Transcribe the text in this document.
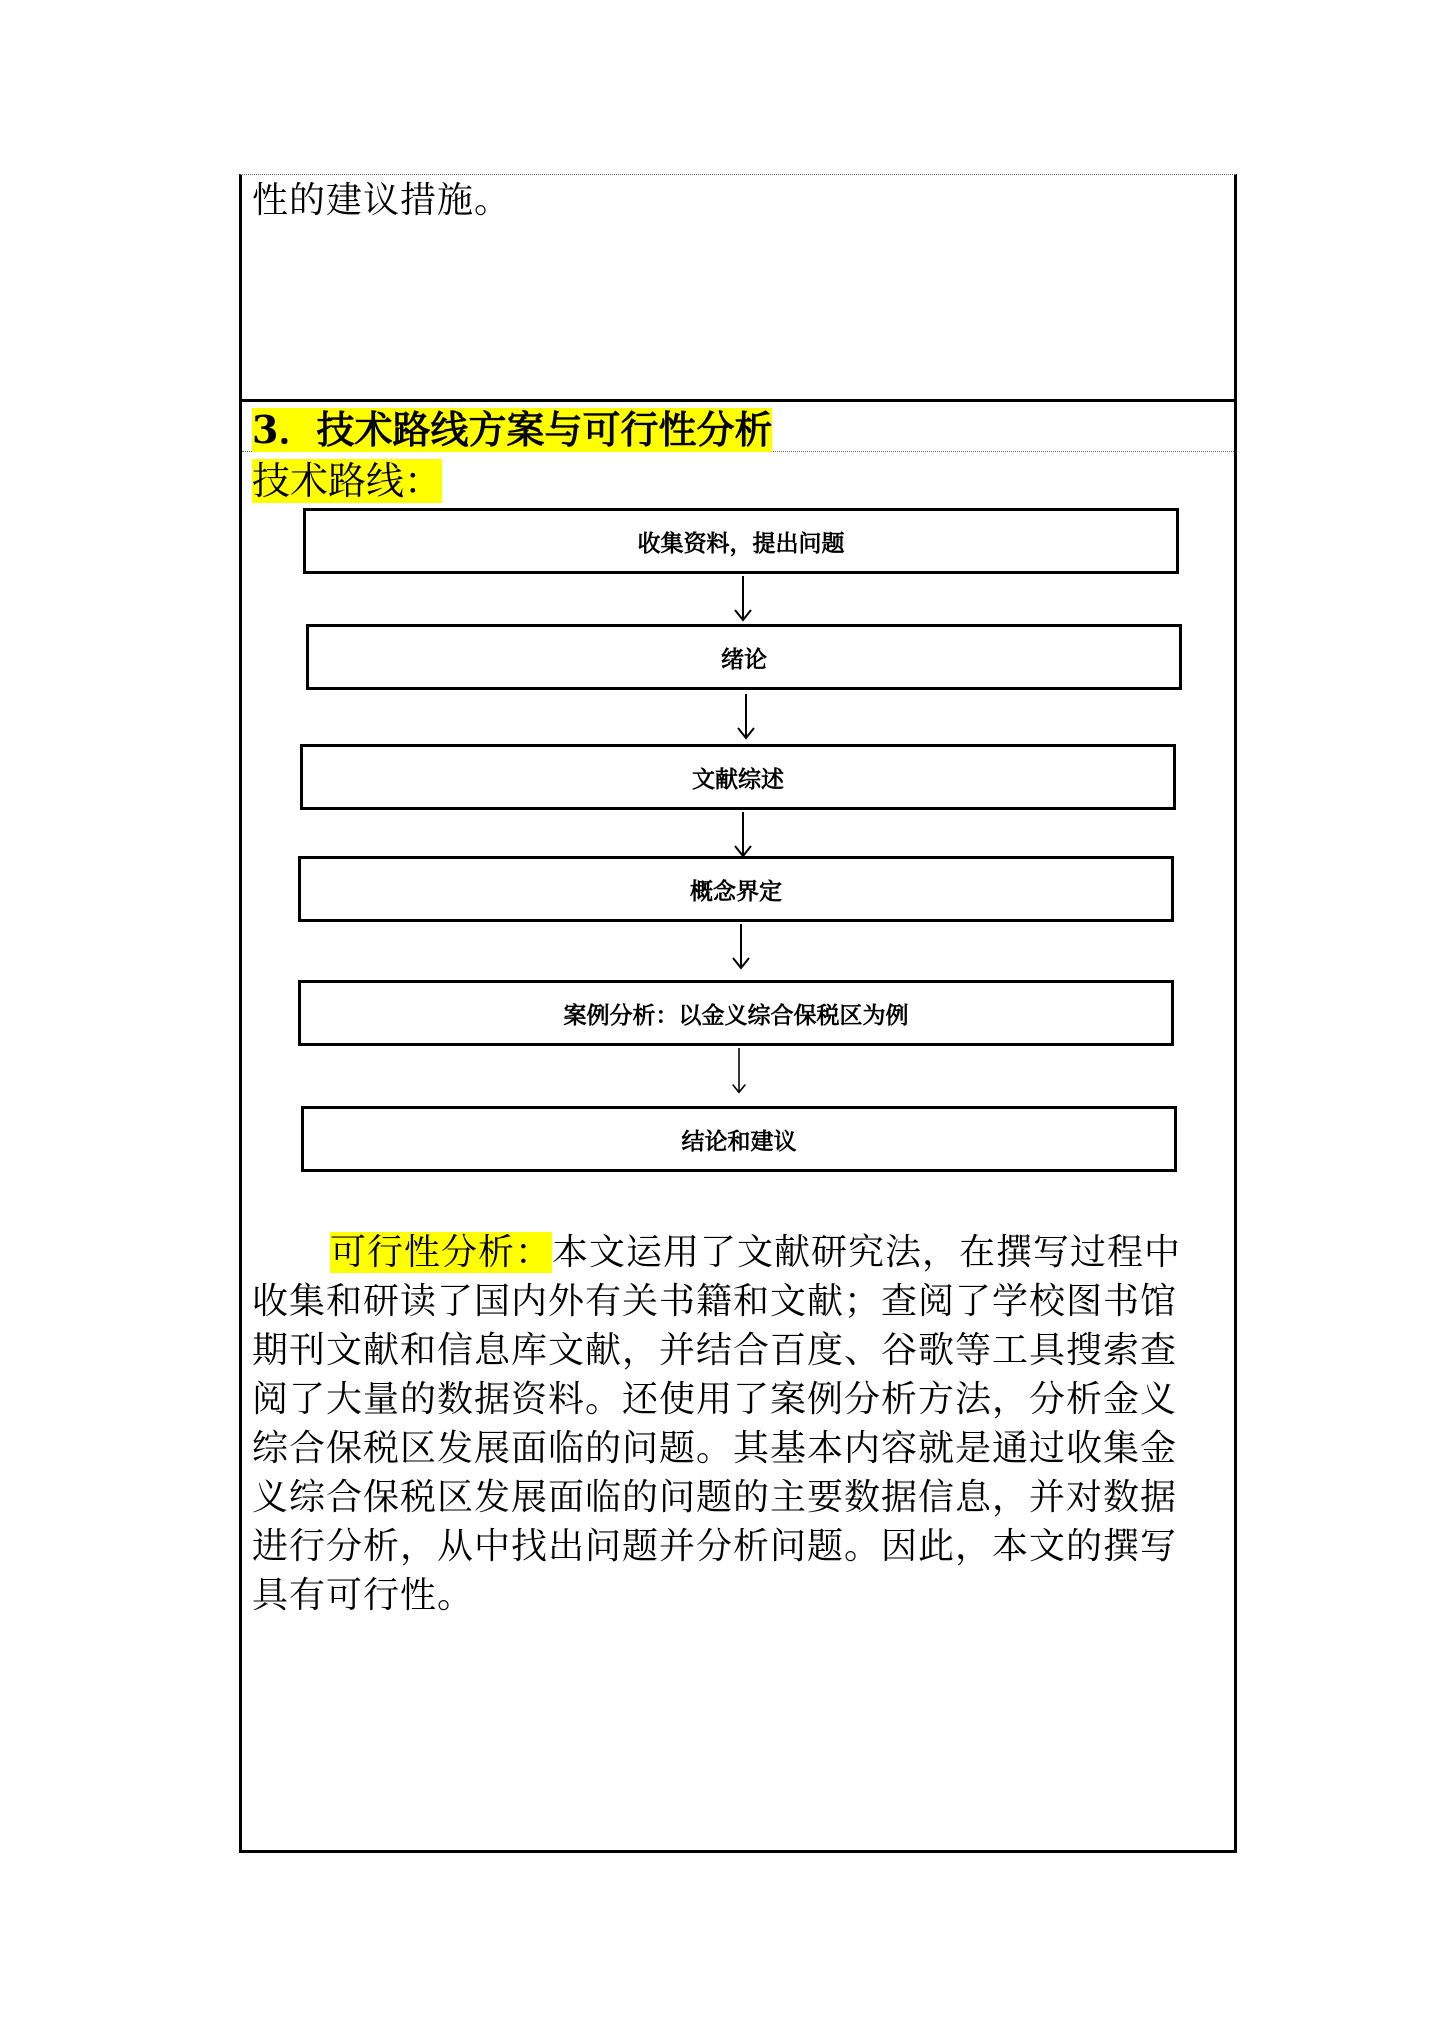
性的建议措施。
3．技术路线方案与可行性分析
技术路线：
收集资料，提出问题
绪论
文献综述
概念界定
案例分析：以金义综合保税区为例
结论和建议
可行性分析：本文运用了文献研究法，在撰写过程中
收集和研读了国内外有关书籍和文献；查阅了学校图书馆
期刊文献和信息库文献，并结合百度、谷歌等工具搜索查
阅了大量的数据资料。还使用了案例分析方法，分析金义
综合保税区发展面临的问题。其基本内容就是通过收集金
义综合保税区发展面临的问题的主要数据信息，并对数据
进行分析，从中找出问题并分析问题。因此，本文的撰写
具有可行性。
